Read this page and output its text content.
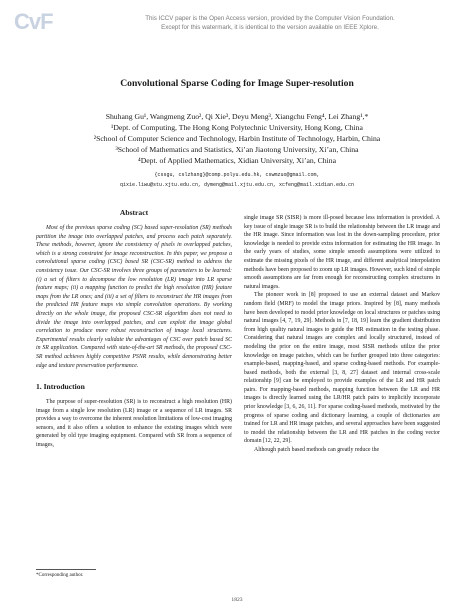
CvF	This ICCV paper is the Open Access version, provided by the Computer Vision Foundation.
Except for this watermark, it is identical to the version available on IEEE Xplore.
Convolutional Sparse Coding for Image Super-resolution
Shuhang Gu¹, Wangmeng Zuo², Qi Xie³, Deyu Meng³, Xiangchu Feng⁴, Lei Zhang¹,*
¹Dept. of Computing, The Hong Kong Polytechnic University, Hong Kong, China
²School of Computer Science and Technology, Harbin Institute of Technology, Harbin, China
³School of Mathematics and Statistics, Xi’an Jiaotong University, Xi’an, China
⁴Dept. of Applied Mathematics, Xidian University, Xi’an, China
{cssgu, cslzhang}@comp.polyu.edu.hk, cswmzuo@gmail.com,
qixie.liwu@stu.xjtu.edu.cn, dymeng@mail.xjtu.edu.cn, xcfeng@mail.xidian.edu.cn
Abstract

Most of the previous sparse coding (SC) based super-resolution (SR) methods partition the image into overlapped patches, and process each patch separately. These methods, however, ignore the consistency of pixels in overlapped patches, which is a strong constraint for image reconstruction. In this paper, we propose a convolutional sparse coding (CSC) based SR (CSC-SR) method to address the consistency issue. Our CSC-SR involves three groups of parameters to be learned: (i) a set of filters to decompose the low resolution (LR) image into LR sparse feature maps; (ii) a mapping function to predict the high resolution (HR) feature maps from the LR ones; and (iii) a set of filters to reconstruct the HR images from the predicted HR feature maps via simple convolution operations. By working directly on the whole image, the proposed CSC-SR algorithm does not need to divide the image into overlapped patches, and can exploit the image global correlation to produce more robust reconstruction of image local structures. Experimental results clearly validate the advantages of CSC over patch based SC in SR application. Compared with state-of-the-art SR methods, the proposed CSC-SR method achieves highly competitive PSNR results, while demonstrating better edge and texture preservation performance.

1. Introduction

The purpose of super-resolution (SR) is to reconstruct a high resolution (HR) image from a single low resolution (LR) image or a sequence of LR images. SR provides a way to overcome the inherent resolution limitations of low-cost imaging sensors, and it also offers a solution to enhance the existing images which were generated by old type imaging equipment. Compared with SR from a sequence of images,

single image SR (SISR) is more ill-posed because less information is provided. A key issue of single image SR is to build the relationship between the LR image and the HR image. Since information was lost in the down-sampling procedure, prior knowledge is needed to provide extra information for estimating the HR image. In the early years of studies, some simple smooth assumptions were utilized to estimate the missing pixels of the HR image, and different analytical interpolation methods have been proposed to zoom up LR images. However, such kind of simple smooth assumptions are far from enough for reconstructing complex structures in natural images.

The pioneer work in [8] proposed to use an external dataset and Markov random field (MRF) to model the image priors. Inspired by [8], many methods have been developed to model prior knowledge on local structures or patches using natural images [4, 7, 19, 29]. Methods in [7, 18, 19] learn the gradient distribution from high quality natural images to guide the HR estimation in the testing phase. Considering that natural images are complex and locally structured, instead of modeling the prior on the entire image, most SISR methods utilize the prior knowledge on image patches, which can be further grouped into three categories: example-based, mapping-based, and sparse coding-based methods. For example-based methods, both the external [3, 8, 27] dataset and internal cross-scale relationship [9] can be employed to provide examples of the LR and HR patch pairs. For mapping-based methods, mapping function between the LR and HR images is directly learned using the LR/HR patch pairs to implicitly incorporate prior knowledge [3, 6, 26, 11]. For sparse coding-based methods, motivated by the progress of sparse coding and dictionary learning, a couple of dictionaries are trained for LR and HR image patches, and several approaches have been suggested to model the relationship between the LR and HR patches in the coding vector domain [12, 22, 29].

Although patch based methods can greatly reduce the

*Corresponding author.
1823
